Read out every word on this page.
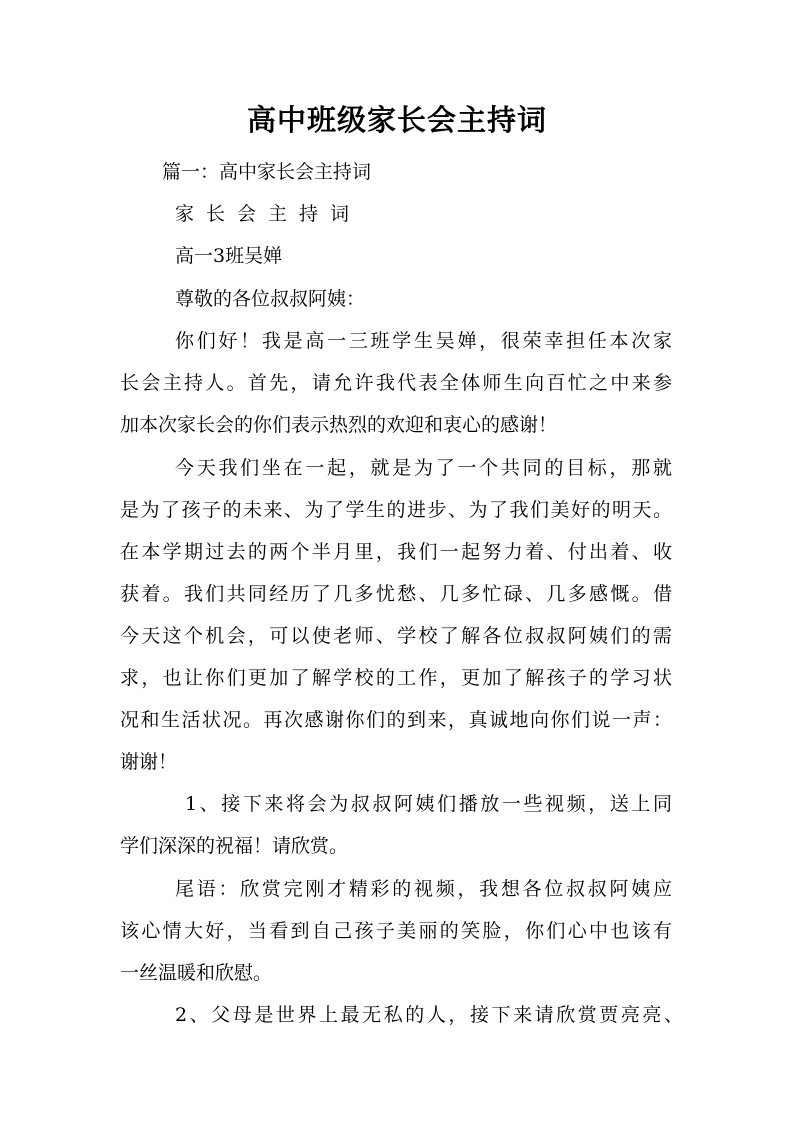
高中班级家长会主持词
篇一：高中家长会主持词
家长会主持词
高一3班吴婵
尊敬的各位叔叔阿姨：
你们好！我是高一三班学生吴婵，很荣幸担任本次家
长会主持人。首先，请允许我代表全体师生向百忙之中来参
加本次家长会的你们表示热烈的欢迎和衷心的感谢！
今天我们坐在一起，就是为了一个共同的目标，那就
是为了孩子的未来、为了学生的进步、为了我们美好的明天。
在本学期过去的两个半月里，我们一起努力着、付出着、收
获着。我们共同经历了几多忧愁、几多忙碌、几多感慨。借
今天这个机会，可以使老师、学校了解各位叔叔阿姨们的需
求，也让你们更加了解学校的工作，更加了解孩子的学习状
况和生活状况。再次感谢你们的到来，真诚地向你们说一声：
谢谢！
1、接下来将会为叔叔阿姨们播放一些视频，送上同
学们深深的祝福！请欣赏。
尾语：欣赏完刚才精彩的视频，我想各位叔叔阿姨应
该心情大好，当看到自己孩子美丽的笑脸，你们心中也该有
一丝温暖和欣慰。
2、父母是世界上最无私的人，接下来请欣赏贾亮亮、
